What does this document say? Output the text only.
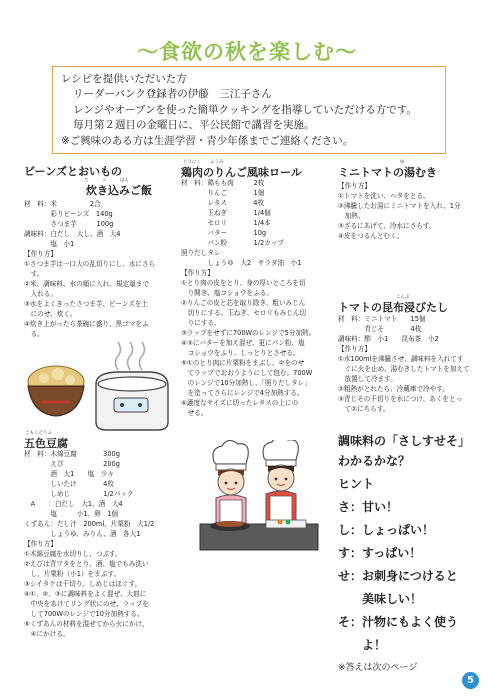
〜食欲の秋を楽しむ〜
レシピを提供いただいた方
リーダーバンク登録者の伊藤　三江子さん
レンジやオーブンを使った簡単クッキングを指導していただける方です。
毎月第２週目の金曜日に、平公民館で講習を実施。
※ご興味のある方は生涯学習・青少年係までご連絡ください。
ビーンズとおいもの
た　　　こ　　　はん
炊き込みご飯
材　料：米　　　　　2合
　　　　彩りビーンズ　140g
　　　　さつま芋　　　100g
調味料：白だし　大し、酒　大4
　　　　塩　小1
【作り方】
①さつま芋は一口大の乱切りにし、水にさら
　す。
②米、調味料、水の順に入れ、規定量まで
　入れる。
③水をよくきったさつま芋、ビーンズを上
　にのせ、炊く。
④炊き上がったら茶碗に盛り、黒ゴマをふ
　る。
ごもくどうふ
五色豆腐
材　料：木綿豆腐　　　　300g
　　　　えび　　　　　　200g
　　　　酒　大1　　塩　少々
　　　　しいたけ　　　　4枚
　　　　しめじ　　　　　1/2パック
　A　　：白だし　大1、酒　大4
　　　　塩　　　小1、卵　1個
くずあん：だし汁　200ml、片栗粉　大1/2
　　　　しょうゆ、みりん、酒　各大1
【作り方】
①木綿豆腐を水切りし、つぶす。
②えびは背ワタをとり、酒、塩でもみ洗い
　し、片栗粉（小1）をまぶす。
③シイタケは千切り、しめじはほぐす。
④①、②、③に調味料をよく混ぜ、大皿に
　中央をあけてリング状にのせ、ラップを
　して700Wのレンジで10分加熱する。
⑤くずあんの材料を混ぜてから火にかけ、
　④にかける。
とりにく　　ふうみ
鶏肉のりんご風味ロール
材　料：鶏もも肉　　　2枚
　　　　りんご　　　　1個
　　　　レタス　　　　4枚
　　　　玉ねぎ　　　　1/4個
　　　　セロリ　　　　1/4本
　　　　バター　　　　10g
　　　　パン粉　　　　1/2カップ
照りだしタレ
　　　　しょうゆ　大2　サラダ油　小1
【作り方】
①とり肉の皮をとり、身の厚いところを切
　り開き、塩コショウをふる。
②りんごの皮と芯を取り除き、粗いみじん
　切りにする。玉ねぎ、セロリもみじん切
　りにする。
③ラップをせずに700Wのレンジで5分加熱。
④③にバターを加え混ぜ、更にパン粉、塩
　コショウをふり、しっとりとさせる。
⑤①のとり肉に片栗粉をまぶし、②をのせ
　てラップでおおうようにして包む。700W
　のレンジで10分加熱し、「照りだしタレ」
　を塗ってさらにレンジで4分加熱する。
⑥適度なサイズに切ったレタスの上にの
　せる。
ゆ
ミニトマトの湯むき
【作り方】
①トマトを洗い、ヘタをとる。
②沸騰したお湯にミニトマトを入れ、1分
　加熱。
③ざるにあげて、冷水にさらす。
④皮をつるんとむく。
こんぶ
トマトの昆布浸びたし
材　料：ミニトマト　　15個
　　　　青じそ　　　　4枚
調味料：酢　小1　　昆布茶　小2
【作り方】
①水100mlを沸騰させ、調味料を入れてす
　ぐに火を止め、湯むきしたトマトを加えて
　放置して冷ます。
②粗熱がとれたら、冷蔵庫で冷やす。
③青じその千切りを水につけ、あくをとっ
　て②にちらす。
調味料の「さしすせそ」
わかるかな？
ヒント
さ：甘い！
し：しょっぱい！
す：すっぱい！
せ：お刺身につけると
　　美味しい！
そ：汁物にもよく使う
　　よ！
※答えは次のページ
5
